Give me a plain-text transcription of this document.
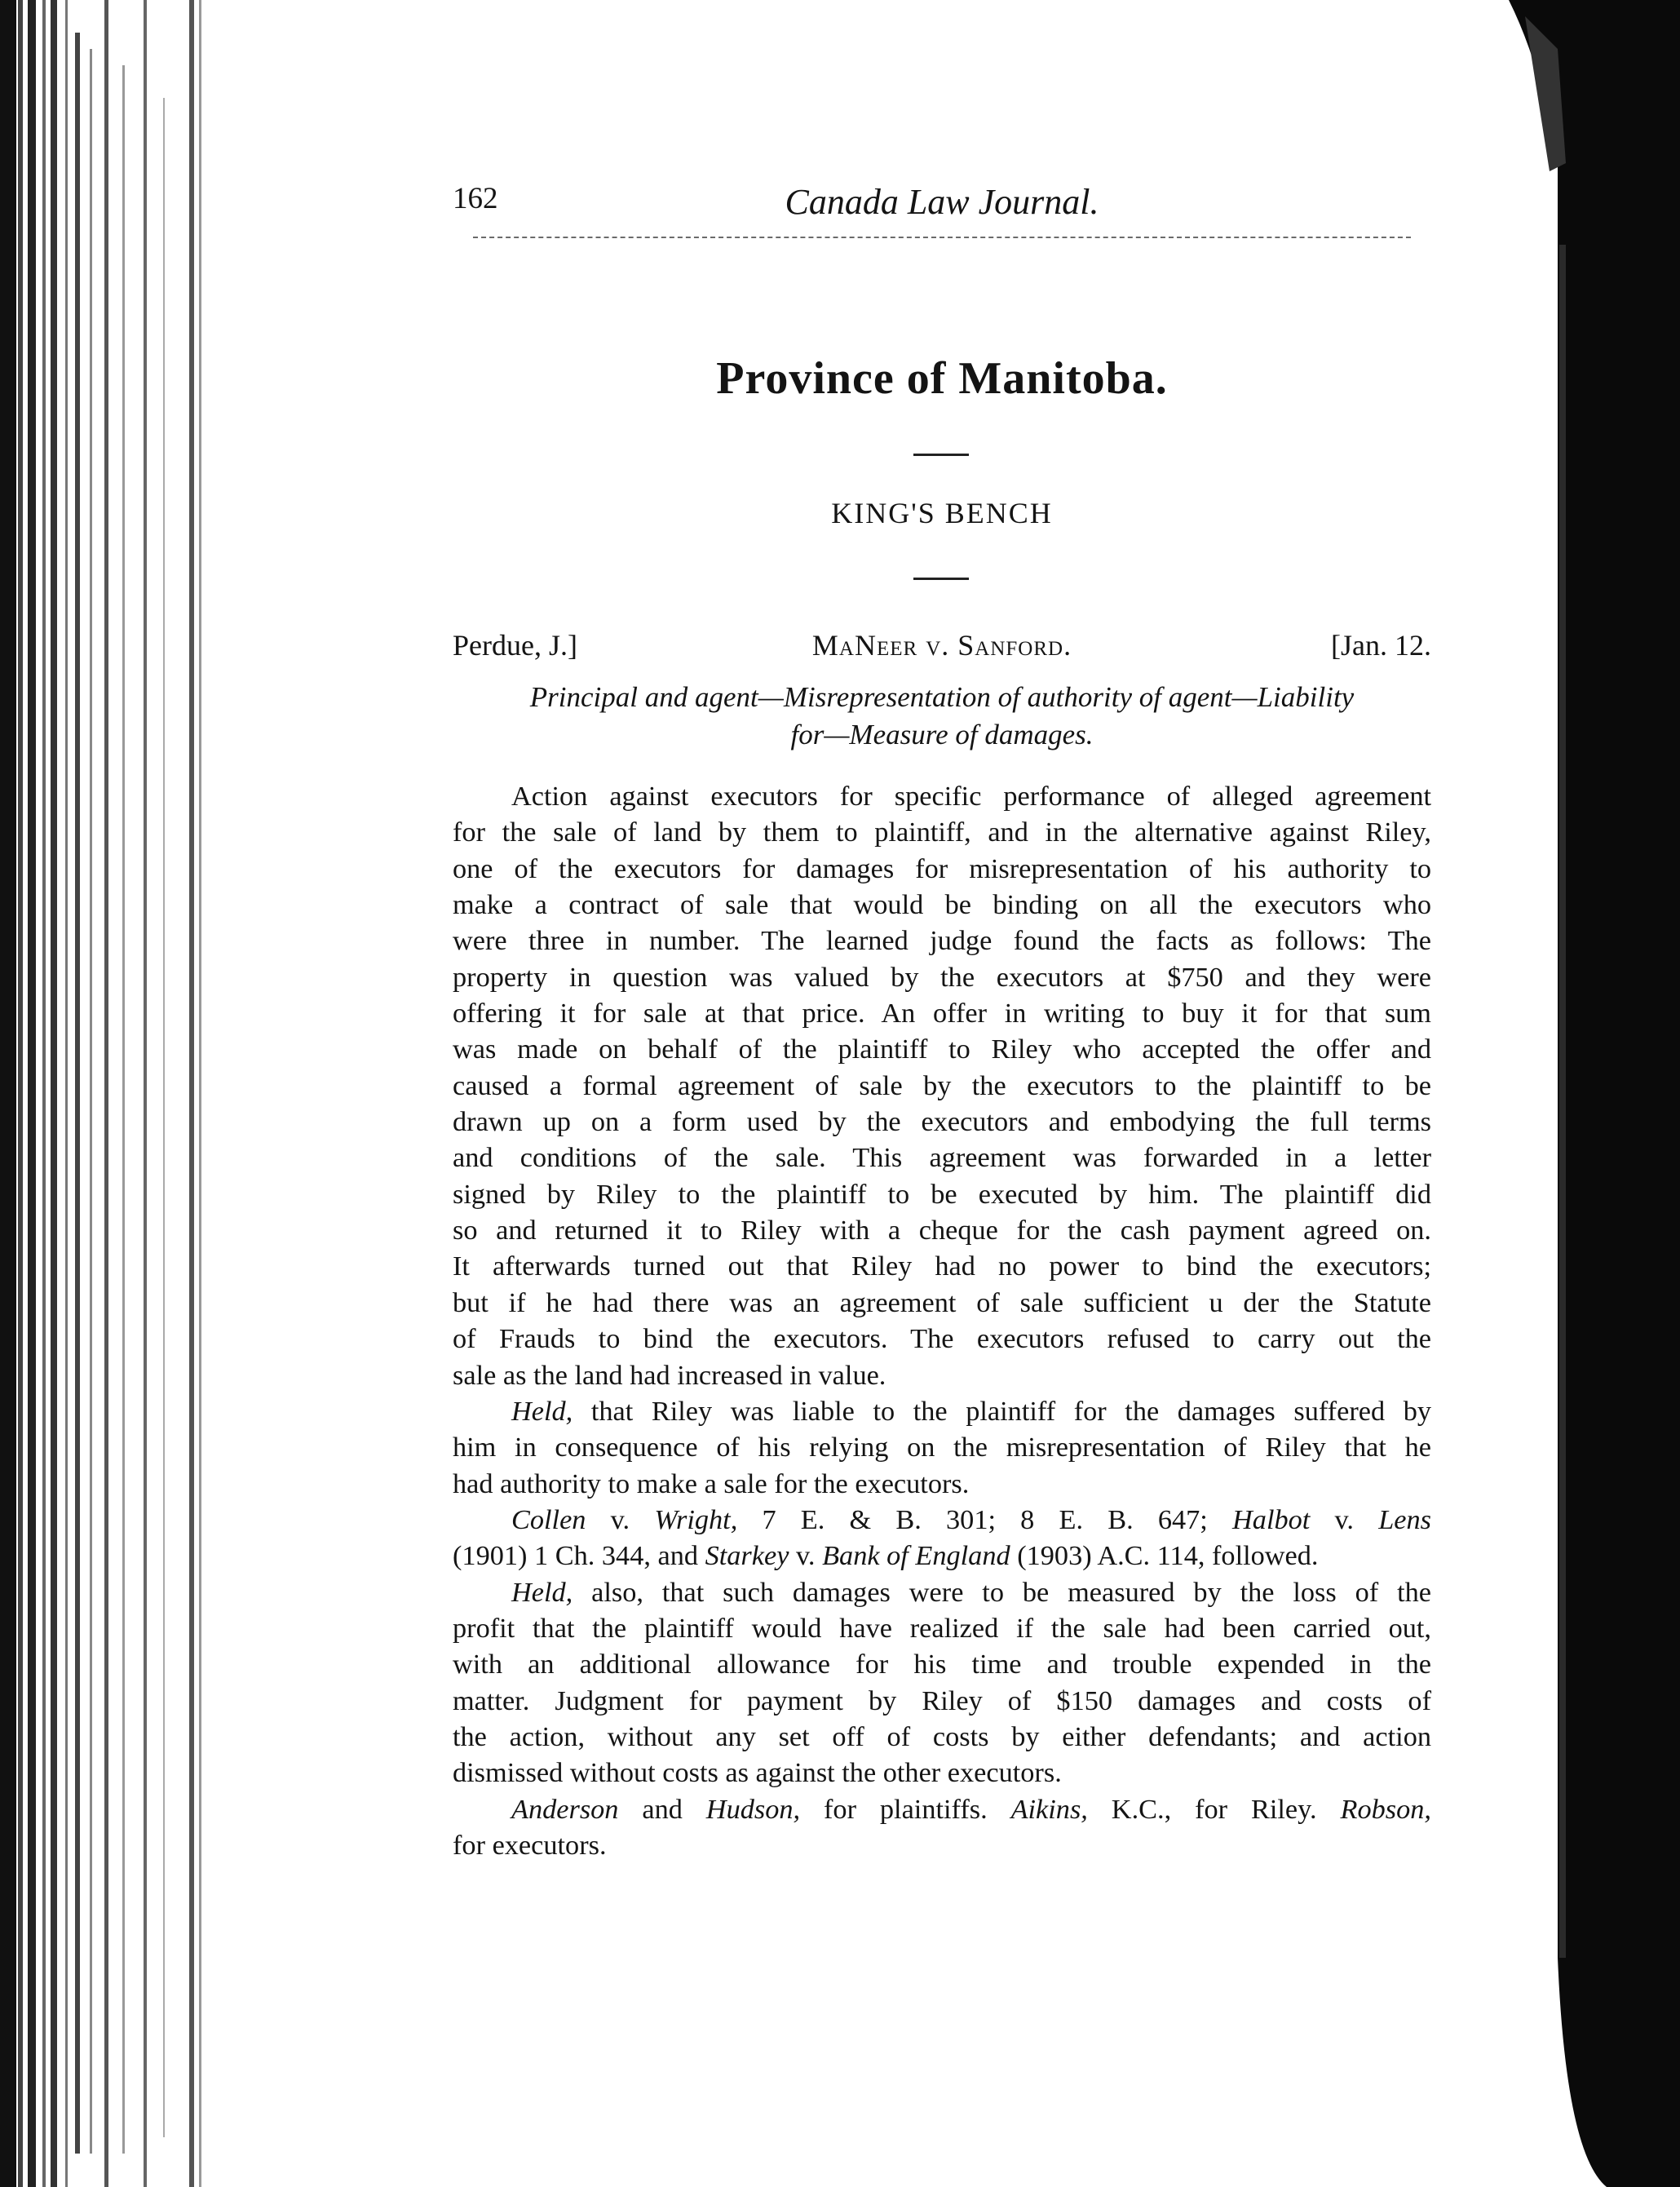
162	Canada Law Journal.
Province of Manitoba.
KING'S BENCH
Perdue, J.]	MaNeer v. Sanford.	[Jan. 12.
Principal and agent—Misrepresentation of authority of agent—Liability
for—Measure of damages.

Action against executors for specific performance of alleged agreement
for the sale of land by them to plaintiff, and in the alternative against Riley,
one of the executors for damages for misrepresentation of his authority to
make a contract of sale that would be binding on all the executors who
were three in number. The learned judge found the facts as follows: The
property in question was valued by the executors at $750 and they were
offering it for sale at that price. An offer in writing to buy it for that sum
was made on behalf of the plaintiff to Riley who accepted the offer and
caused a formal agreement of sale by the executors to the plaintiff to be
drawn up on a form used by the executors and embodying the full terms
and conditions of the sale. This agreement was forwarded in a letter
signed by Riley to the plaintiff to be executed by him. The plaintiff did
so and returned it to Riley with a cheque for the cash payment agreed on.
It afterwards turned out that Riley had no power to bind the executors;
but if he had there was an agreement of sale sufficient u der the Statute
of Frauds to bind the executors. The executors refused to carry out the
sale as the land had increased in value.

Held, that Riley was liable to the plaintiff for the damages suffered by
him in consequence of his relying on the misrepresentation of Riley that he
had authority to make a sale for the executors.

Collen v. Wright, 7 E. & B. 301; 8 E. B. 647; Halbot v. Lens
(1901) 1 Ch. 344, and Starkey v. Bank of England (1903) A.C. 114, followed.

Held, also, that such damages were to be measured by the loss of the
profit that the plaintiff would have realized if the sale had been carried out,
with an additional allowance for his time and trouble expended in the
matter. Judgment for payment by Riley of $150 damages and costs of
the action, without any set off of costs by either defendants; and action
dismissed without costs as against the other executors.

Anderson and Hudson, for plaintiffs. Aikins, K.C., for Riley. Robson,
for executors.
